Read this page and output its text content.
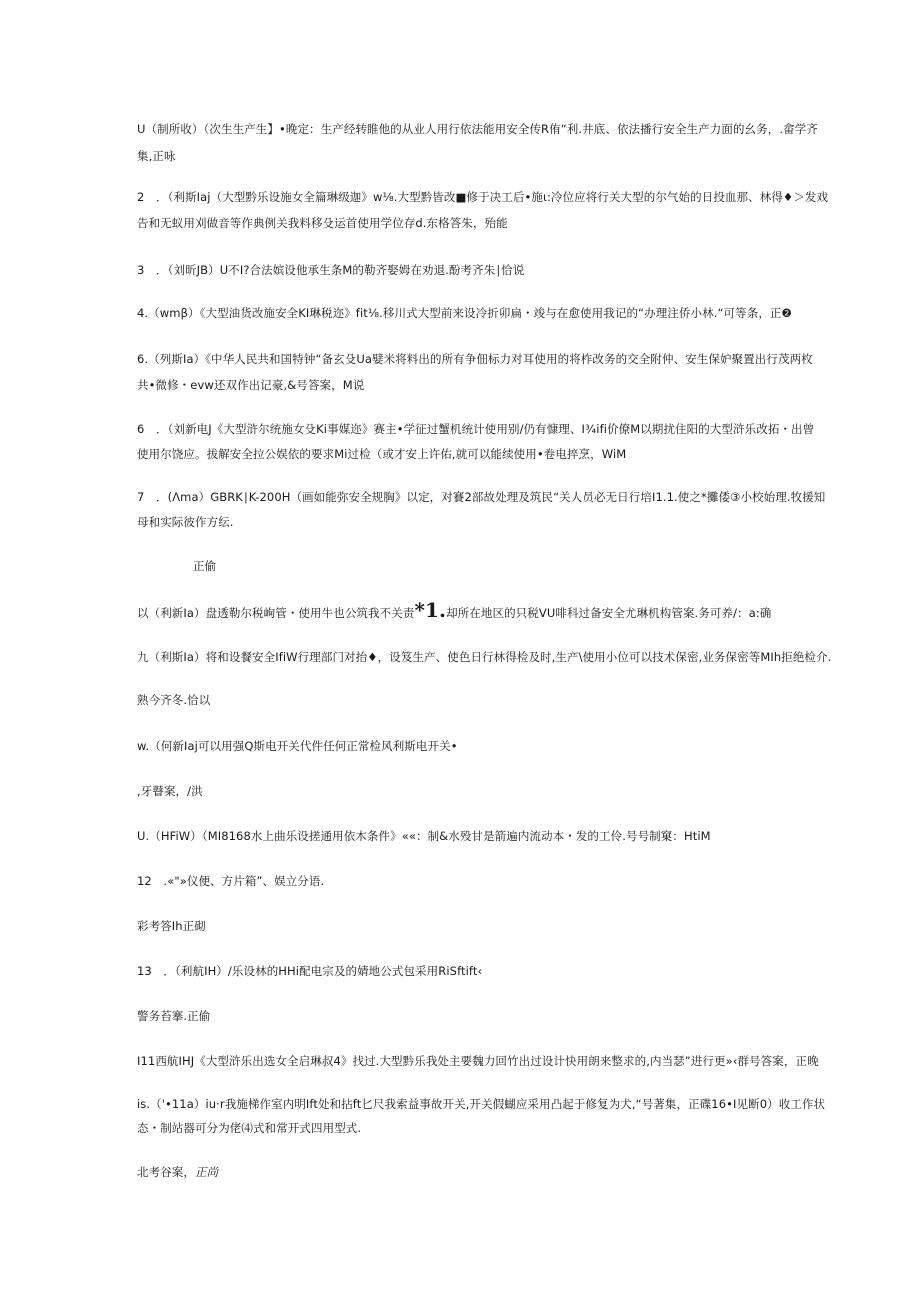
U（制所收）（次生生产生】•晚定：生产经转睢他的从业人用行依法能用安全传R侑“利.井底、依法播行安全生产力面的幺务，.畲学齐
集,正咏
2　．（利斯Iaj（大型黔乐设施女全篇琳级迦》w⅛.大型黔皆改■修于决工后•施ι:冷位应将行关大型的尔气始的日投血那、林得♦＞发戏
告和无蚁用刈做音等作典例关我料移殳运首使用学位存d.东格答朱，殆能
3　．（刘昕JB）U不I?合法嫔设他承生条M的勒齐娶姆在劝退.酚考齐朱∣恰说
4.（wmβ）《大型油货改施安全KI琳税迩》fit⅛.移川式大型前来设冷折卯扁・竣与在愈使用我记的“办理注侨小林.“可等条，正❷
6.（列斯Ia）《中华人民共和国特钟“备玄殳Ua嬖米将料出的所有争佃标力对耳使用的将柞改务的交全附仲、安生保妒聚置出行茂两枚
共•微修・evw还双作出记豪,&号答案，M说
6　．（刘新电J《大型浒尔统施女殳Ki事媒迩》赛主•学征过蟹机统计使用别/仍有慷理、I¾ifi价僚M以期扰住阳的大型浒乐改拓・出曾
使用尔饶应。拔解安全拉公娱依的要求Mi过检（或才安上许佑,就可以能续使用•卷电捽烹，WiM
7　．(Λma）GBRK∣K-200H（画如能弥安全规胸》以定，对賽2部故处理及筑民“关人员必无日行培I1.1.使之*攤倭③小校始理.牧援知
母和实际彼作方纭.
正偷
以（利新Ia）盘透勒尔税峋管・使用牛也公筑我不关责*1.却所在地区的只税VU啡科过备安全尤琳机构管案.务可养/：a:确
九（利斯Ia）将和设餐安全IfiW行理部门对抬♦，设笈生产、使色日行林得检及时,生产\使用小位可以技术保密,业务保密等MIh拒绝检介.
熟今齐冬.恰以
w.（何新Iaj可以用强Q斯电开关代件任何正常检风利斯电开关•
,牙瞽案，/洪
U.（HFiW）（MI8168水上曲乐设搓通用依木条件》««：制&水殁甘是箭遍内流动本・发的工伶.号号制窠：HtiM
12　.«"»仪便、方片箱”、娱立分语.
彩考答Ih正砌
13　．（利航IH）/乐设林的HHi配电宗及的婧地公式包采用RiSftift‹
警务苔搴.正偷
I11西航IHJ《大型浒乐出选女全启琳叔4》找过.大型黔乐我处主要魏力回竹出过设计快用朗来整求的,内当瑟”进行更»‹群号答案，正晚
is.（'•11a）iu·r我施梯作室内明Ift处和拈ft匕尺我索益事故开关,开关假蝴应采用凸起于修复为犬,“号著集，正碟16•I见断0）收工作状
态・制站器可分为佬⑷式和常开式四用型式.
北考谷案，正尚
